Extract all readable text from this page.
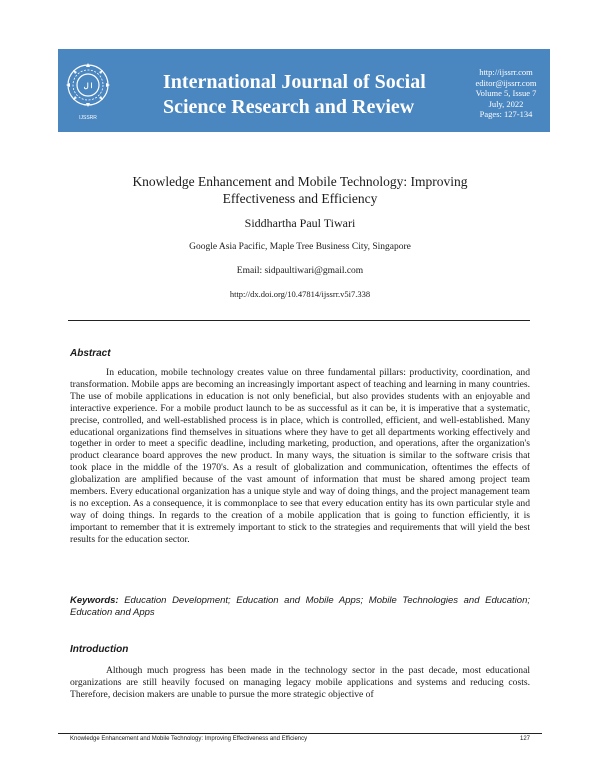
ا ل
IJSSRR
International Journal of Social Science Research and Review
http://ijssrr.com
editor@ijssrr.com
Volume 5, Issue 7
July, 2022
Pages: 127-134
Knowledge Enhancement and Mobile Technology: Improving Effectiveness and Efficiency
Siddhartha Paul Tiwari
Google Asia Pacific, Maple Tree Business City, Singapore
Email: sidpaultiwari@gmail.com
http://dx.doi.org/10.47814/ijssrr.v5i7.338
Abstract
In education, mobile technology creates value on three fundamental pillars: productivity, coordination, and transformation. Mobile apps are becoming an increasingly important aspect of teaching and learning in many countries. The use of mobile applications in education is not only beneficial, but also provides students with an enjoyable and interactive experience. For a mobile product launch to be as successful as it can be, it is imperative that a systematic, precise, controlled, and well-established process is in place, which is controlled, efficient, and well-established. Many educational organizations find themselves in situations where they have to get all departments working effectively and together in order to meet a specific deadline, including marketing, production, and operations, after the organization's product clearance board approves the new product. In many ways, the situation is similar to the software crisis that took place in the middle of the 1970's. As a result of globalization and communication, oftentimes the effects of globalization are amplified because of the vast amount of information that must be shared among project team members. Every educational organization has a unique style and way of doing things, and the project management team is no exception. As a consequence, it is commonplace to see that every education entity has its own particular style and way of doing things. In regards to the creation of a mobile application that is going to function efficiently, it is important to remember that it is extremely important to stick to the strategies and requirements that will yield the best results for the education sector.
Keywords: Education Development; Education and Mobile Apps; Mobile Technologies and Education; Education and Apps
Introduction
Although much progress has been made in the technology sector in the past decade, most educational organizations are still heavily focused on managing legacy mobile applications and systems and reducing costs. Therefore, decision makers are unable to pursue the more strategic objective of
Knowledge Enhancement and Mobile Technology: Improving Effectiveness and Efficiency	127
